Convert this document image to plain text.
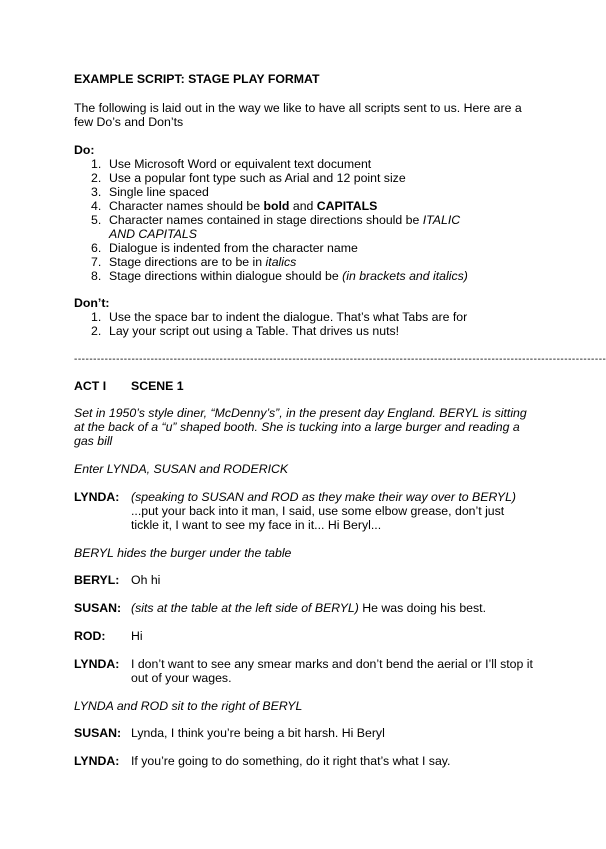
EXAMPLE SCRIPT: STAGE PLAY FORMAT
The following is laid out in the way we like to have all scripts sent to us. Here are a
few Do’s and Don’ts
Do:
1. Use Microsoft Word or equivalent text document
2. Use a popular font type such as Arial and 12 point size
3. Single line spaced
4. Character names should be bold and CAPITALS
5. Character names contained in stage directions should be ITALIC AND CAPITALS
6. Dialogue is indented from the character name
7. Stage directions are to be in italics
8. Stage directions within dialogue should be (in brackets and italics)
Don’t:
1. Use the space bar to indent the dialogue. That’s what Tabs are for
2. Lay your script out using a Table. That drives us nuts!
-------------------------------------------------------------------------------------------------------------------------------------------
ACT I SCENE 1
Set in 1950’s style diner, “McDenny’s”, in the present day England. BERYL is sitting
at the back of a “u” shaped booth. She is tucking into a large burger and reading a
gas bill
Enter LYNDA, SUSAN and RODERICK
LYNDA: (speaking to SUSAN and ROD as they make their way over to BERYL)
...put your back into it man, I said, use some elbow grease, don’t just
tickle it, I want to see my face in it... Hi Beryl...
BERYL hides the burger under the table
BERYL: Oh hi
SUSAN: (sits at the table at the left side of BERYL) He was doing his best.
ROD: Hi
LYNDA: I don’t want to see any smear marks and don’t bend the aerial or I’ll stop it
out of your wages.
LYNDA and ROD sit to the right of BERYL
SUSAN: Lynda, I think you’re being a bit harsh. Hi Beryl
LYNDA: If you’re going to do something, do it right that’s what I say.
